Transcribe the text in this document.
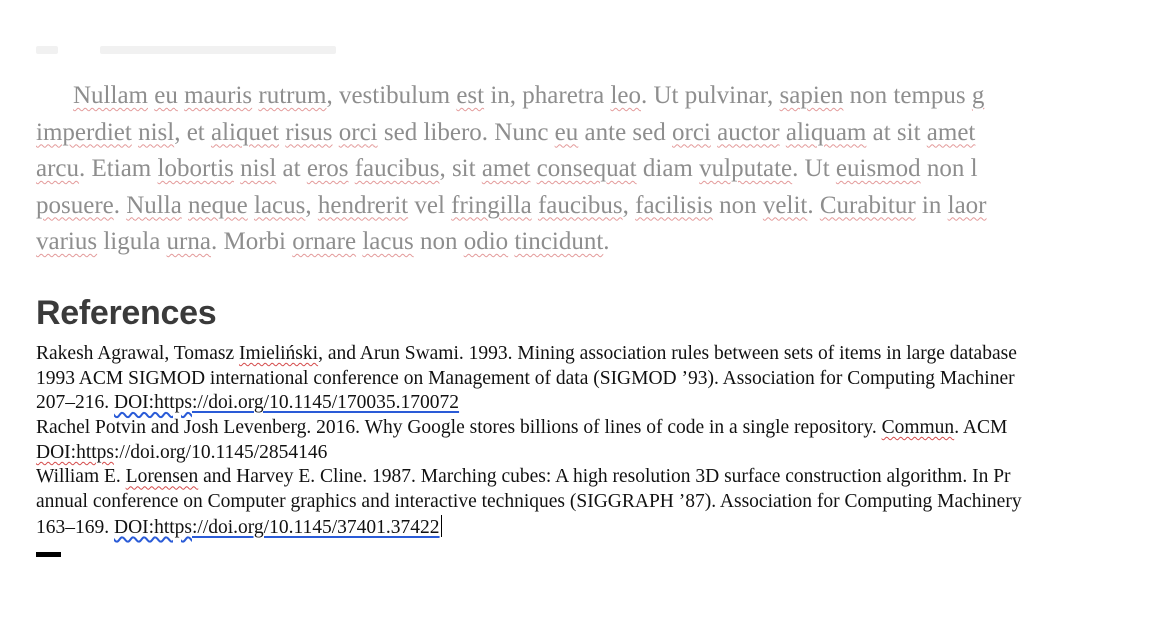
Nullam eu mauris rutrum, vestibulum est in, pharetra leo. Ut pulvinar, sapien non tempus g
imperdiet nisl, et aliquet risus orci sed libero. Nunc eu ante sed orci auctor aliquam at sit amet
arcu. Etiam lobortis nisl at eros faucibus, sit amet consequat diam vulputate. Ut euismod non l
posuere. Nulla neque lacus, hendrerit vel fringilla faucibus, facilisis non velit. Curabitur in laor
varius ligula urna. Morbi ornare lacus non odio tincidunt.
References
Rakesh Agrawal, Tomasz Imieliński, and Arun Swami. 1993. Mining association rules between sets of items in large database
1993 ACM SIGMOD international conference on Management of data (SIGMOD ’93). Association for Computing Machiner
207–216. DOI:https://doi.org/10.1145/170035.170072
Rachel Potvin and Josh Levenberg. 2016. Why Google stores billions of lines of code in a single repository. Commun. ACM
DOI:https://doi.org/10.1145/2854146
William E. Lorensen and Harvey E. Cline. 1987. Marching cubes: A high resolution 3D surface construction algorithm. In Pr
annual conference on Computer graphics and interactive techniques (SIGGRAPH ’87). Association for Computing Machinery
163–169. DOI:https://doi.org/10.1145/37401.37422
